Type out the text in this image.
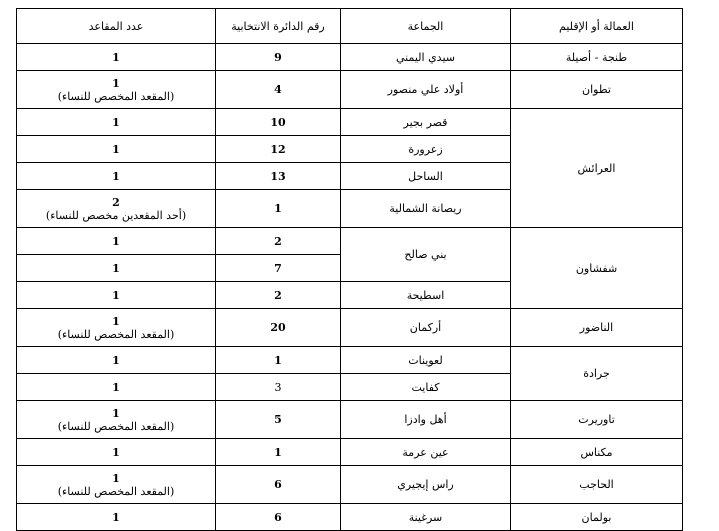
عدد المقاعد	رقم الدائرة الانتخابية	الجماعة	العمالة أو الإقليم

1	9	سيدي اليمني	طنجة - أصيلة

1
(المقعد المخصص للنساء)	4	أولاد علي منصور	تطوان

1	10	قصر بجير	العرائش

1	12	زعرورة	

1	13	الساحل	

2
(أحد المقعدين مخصص للنساء)	1	ريصانة الشمالية	

1	2	بني صالح	شفشاون

1	7		

1	2	اسطيحة	

1
(المقعد المخصص للنساء)	20	أركمان	الناضور

1	1	لعوينات	جرادة

1	3	كفايت	

1
(المقعد المخصص للنساء)	5	أهل وادزا	تاوريرت

1	1	عين عرمة	مكناس

1
(المقعد المخصص للنساء)	6	راس إيجيري	الحاجب

1	6	سرغينة	بولمان
